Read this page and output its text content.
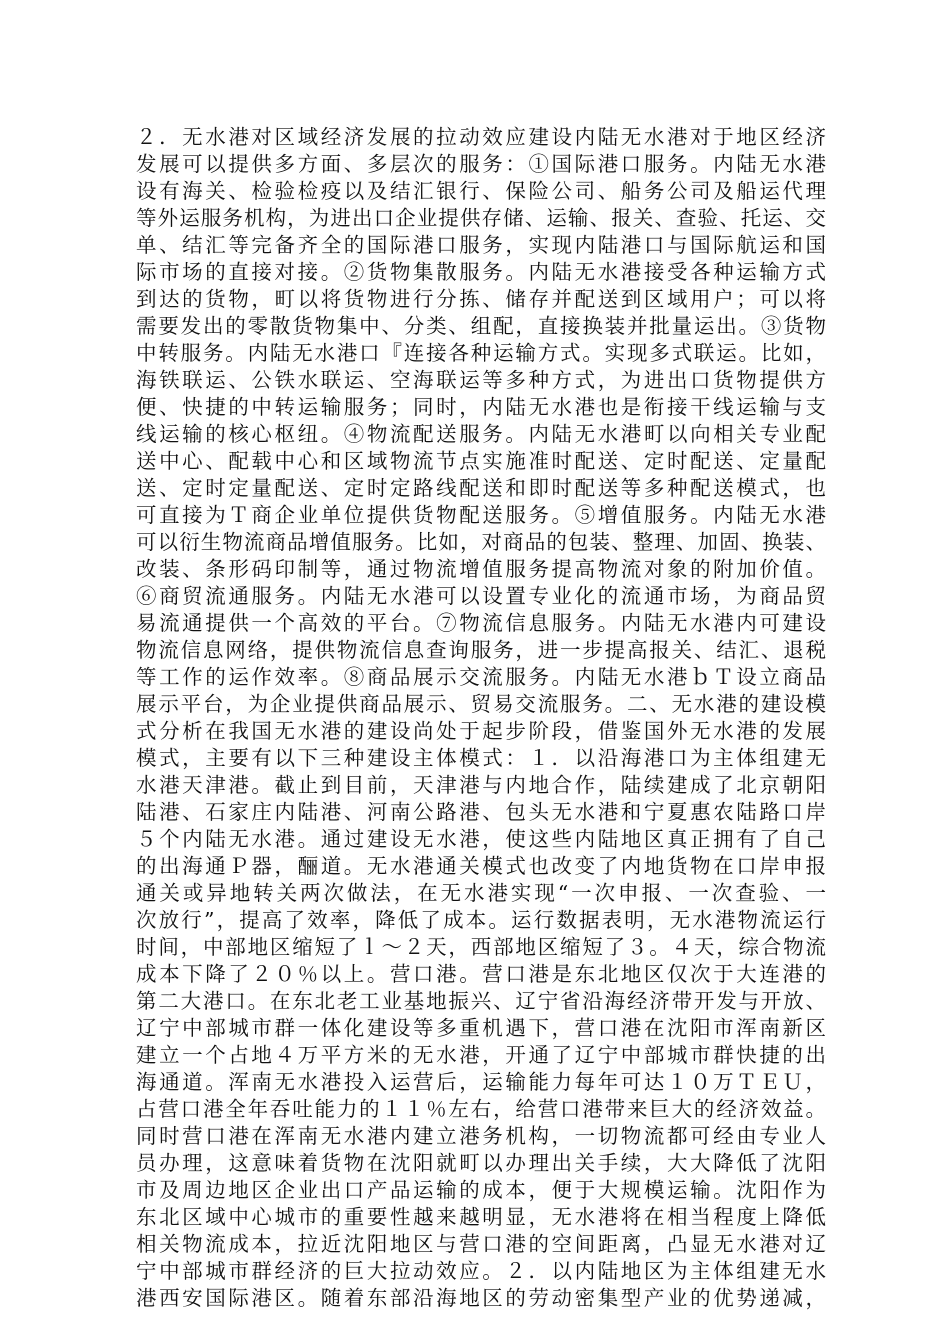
２．无水港对区域经济发展的拉动效应建设内陆无水港对于地区经济
发展可以提供多方面、多层次的服务：①国际港口服务。内陆无水港
设有海关、检验检疫以及结汇银行、保险公司、船务公司及船运代理
等外运服务机构，为进出口企业提供存储、运输、报关、查验、托运、交
单、结汇等完备齐全的国际港口服务，实现内陆港口与国际航运和国
际市场的直接对接。②货物集散服务。内陆无水港接受各种运输方式
到达的货物，町以将货物进行分拣、储存并配送到区域用户；可以将
需要发出的零散货物集中、分类、组配，直接换装并批量运出。③货物
中转服务。内陆无水港口『连接各种运输方式。实现多式联运。比如，
海铁联运、公铁水联运、空海联运等多种方式，为进出口货物提供方
便、快捷的中转运输服务；同时，内陆无水港也是衔接干线运输与支
线运输的核心枢纽。④物流配送服务。内陆无水港町以向相关专业配
送中心、配载中心和区域物流节点实施准时配送、定时配送、定量配
送、定时定量配送、定时定路线配送和即时配送等多种配送模式，也
可直接为Ｔ商企业单位提供货物配送服务。⑤增值服务。内陆无水港
可以衍生物流商品增值服务。比如，对商品的包装、整理、加固、换装、
改装、条形码印制等，通过物流增值服务提高物流对象的附加价值。
⑥商贸流通服务。内陆无水港可以设置专业化的流通市场，为商品贸
易流通提供一个高效的平台。⑦物流信息服务。内陆无水港内可建设
物流信息网络，提供物流信息查询服务，进一步提高报关、结汇、退税
等工作的运作效率。⑧商品展示交流服务。内陆无水港ｂＴ设立商品
展示平台，为企业提供商品展示、贸易交流服务。二、无水港的建设模
式分析在我国无水港的建设尚处于起步阶段，借鉴国外无水港的发展
模式，主要有以下三种建设主体模式：１．以沿海港口为主体组建无
水港天津港。截止到目前，天津港与内地合作，陆续建成了北京朝阳
陆港、石家庄内陆港、河南公路港、包头无水港和宁夏惠农陆路口岸
５个内陆无水港。通过建设无水港，使这些内陆地区真正拥有了自己
的出海通Ｐ器，酾道。无水港通关模式也改变了内地货物在口岸申报
通关或异地转关两次做法，在无水港实现“一次申报、一次查验、一
次放行”，提高了效率，降低了成本。运行数据表明，无水港物流运行
时间，中部地区缩短了ｌ～２天，西部地区缩短了３。４天，综合物流
成本下降了２０％以上。营口港。营口港是东北地区仅次于大连港的
第二大港口。在东北老工业基地振兴、辽宁省沿海经济带开发与开放、
辽宁中部城市群一体化建设等多重机遇下，营口港在沈阳市浑南新区
建立一个占地４万平方米的无水港，开通了辽宁中部城市群快捷的出
海通道。浑南无水港投入运营后，运输能力每年可达１０万ＴＥＵ，
占营口港全年吞吐能力的１１％左右，给营口港带来巨大的经济效益。
同时营口港在浑南无水港内建立港务机构，一切物流都可经由专业人
员办理，这意味着货物在沈阳就町以办理出关手续，大大降低了沈阳
市及周边地区企业出口产品运输的成本，便于大规模运输。沈阳作为
东北区域中心城市的重要性越来越明显，无水港将在相当程度上降低
相关物流成本，拉近沈阳地区与营口港的空间距离，凸显无水港对辽
宁中部城市群经济的巨大拉动效应。２．以内陆地区为主体组建无水
港西安国际港区。随着东部沿海地区的劳动密集型产业的优势递减，
